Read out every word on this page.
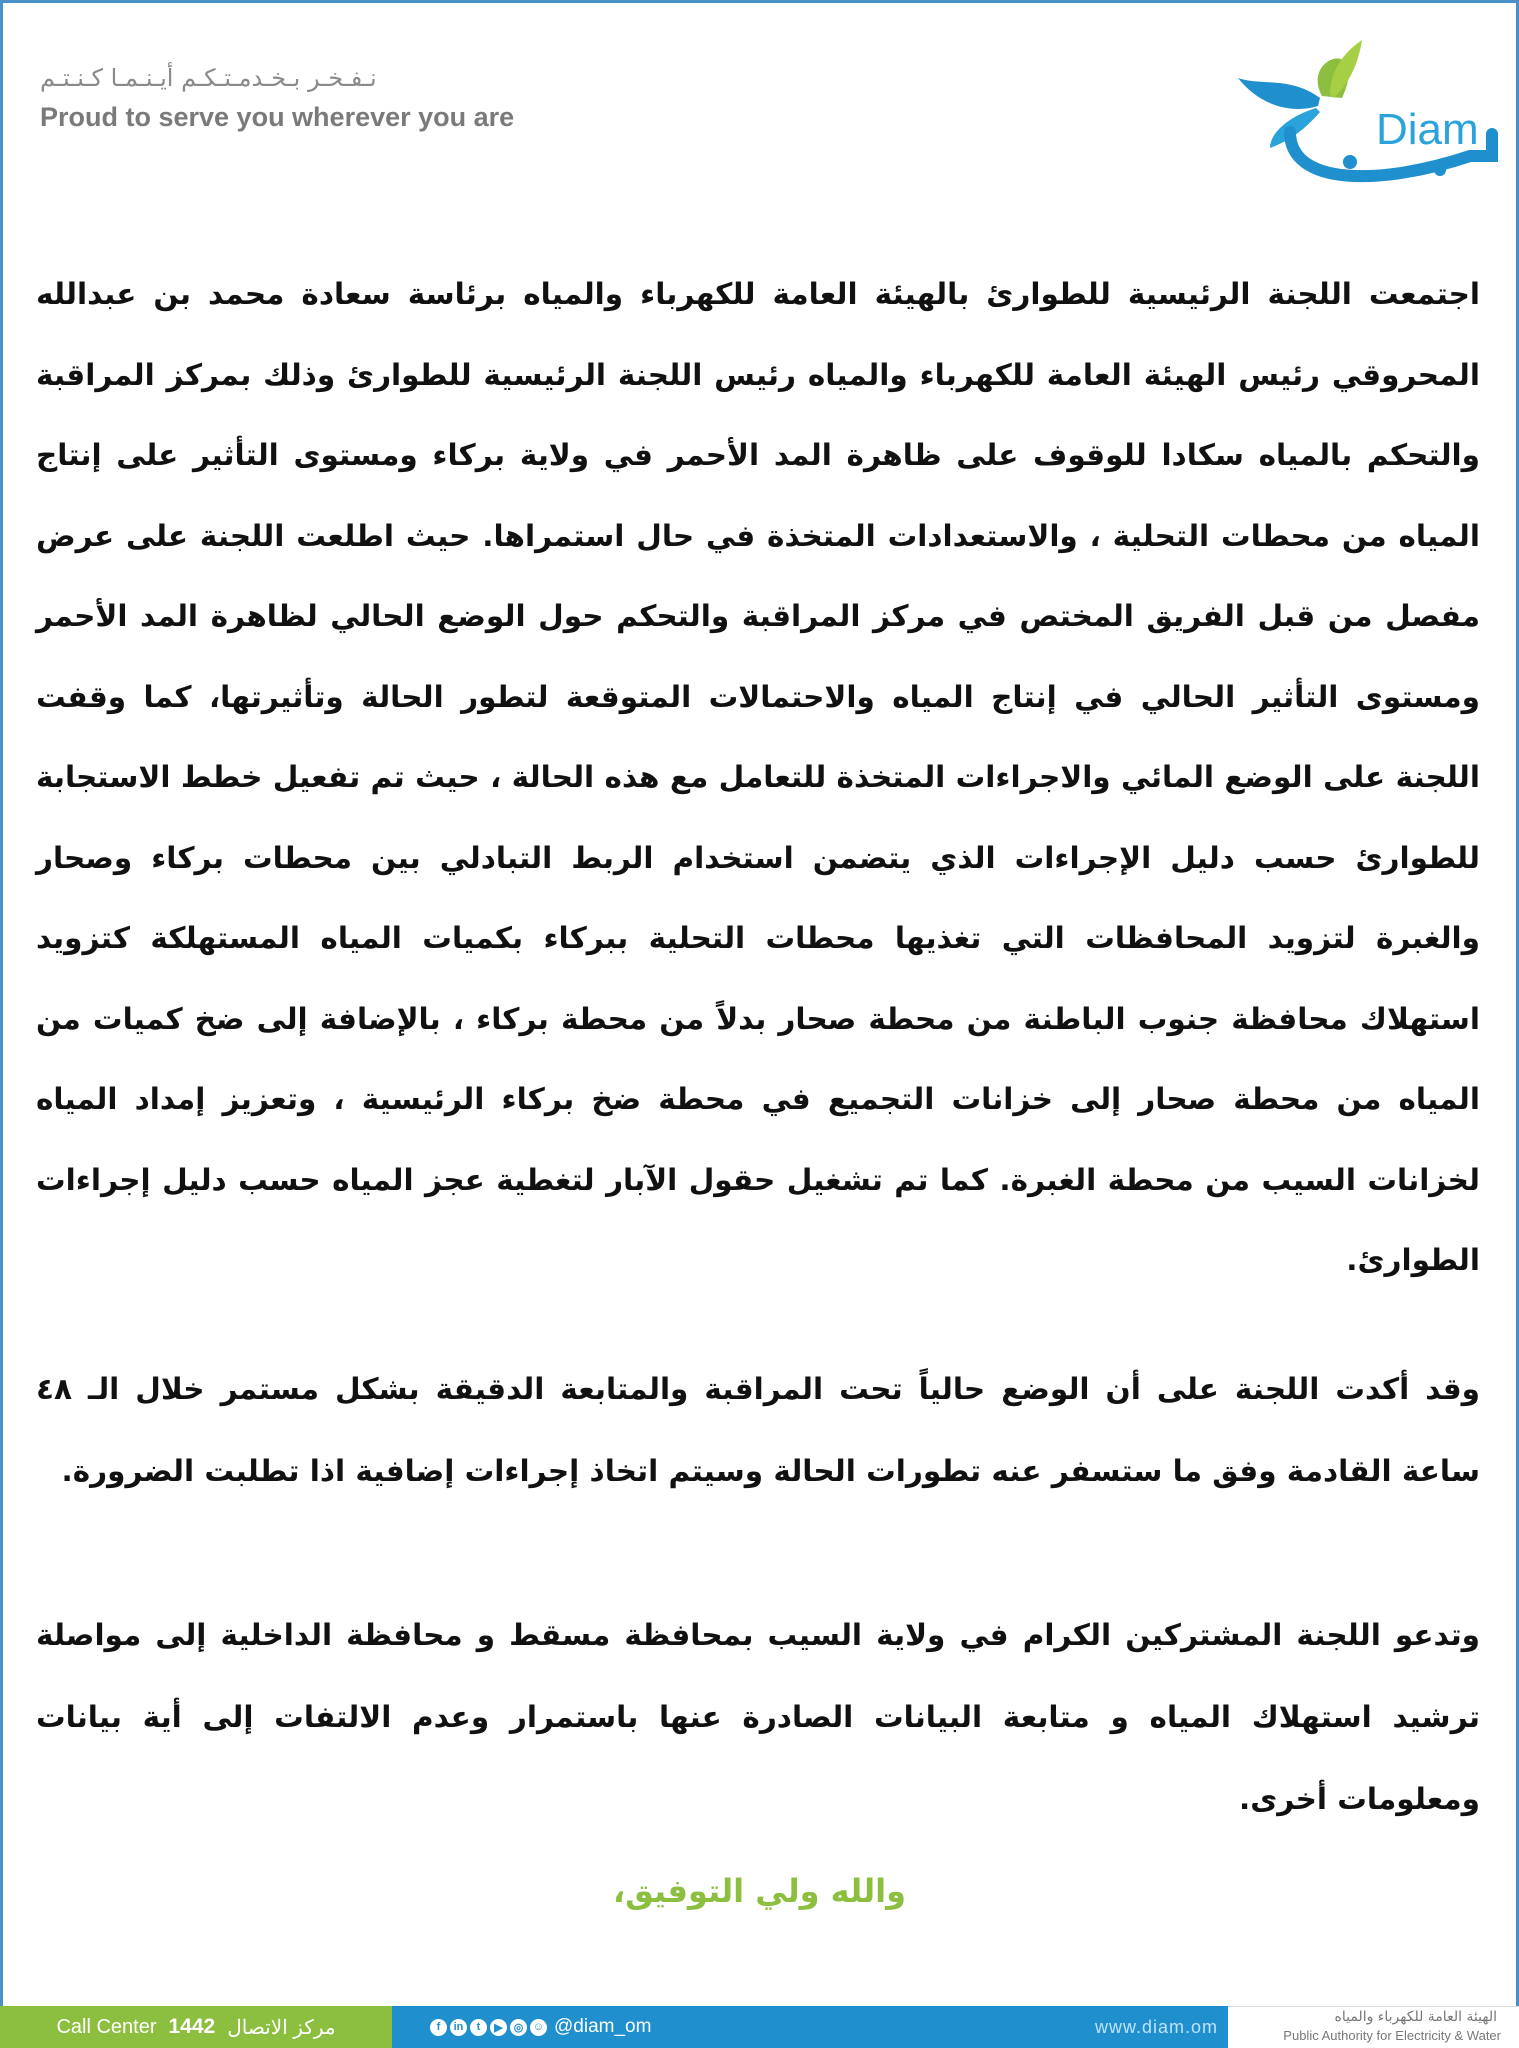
نـفـخـر بـخـدمـتـكـم أيـنـمـا كـنـتـم
Proud to serve you wherever you are	Diam
اجتمعت اللجنة الرئيسية للطوارئ بالهيئة العامة للكهرباء والمياه برئاسة سعادة محمد بن عبدالله المحروقي رئيس الهيئة العامة للكهرباء والمياه رئيس اللجنة الرئيسية للطوارئ وذلك بمركز المراقبة والتحكم بالمياه سكادا للوقوف على ظاهرة المد الأحمر في ولاية بركاء ومستوى التأثير على إنتاج المياه من محطات التحلية ، والاستعدادات المتخذة في حال استمراها. حيث اطلعت اللجنة على عرض مفصل من قبل الفريق المختص في مركز المراقبة والتحكم حول الوضع الحالي لظاهرة المد الأحمر ومستوى التأثير الحالي في إنتاج المياه والاحتمالات المتوقعة لتطور الحالة وتأثيرتها، كما وقفت اللجنة على الوضع المائي والاجراءات المتخذة للتعامل مع هذه الحالة ، حيث تم تفعيل خطط الاستجابة للطوارئ حسب دليل الإجراءات الذي يتضمن استخدام الربط التبادلي بين محطات بركاء وصحار والغبرة لتزويد المحافظات التي تغذيها محطات التحلية ببركاء بكميات المياه المستهلكة كتزويد استهلاك محافظة جنوب الباطنة من محطة صحار بدلاً من محطة بركاء ، بالإضافة إلى ضخ كميات من المياه من محطة صحار إلى خزانات التجميع في محطة ضخ بركاء الرئيسية ، وتعزيز إمداد المياه لخزانات السيب من محطة الغبرة. كما تم تشغيل حقول الآبار لتغطية عجز المياه حسب دليل إجراءات الطوارئ.
وقد أكدت اللجنة على أن الوضع حالياً تحت المراقبة والمتابعة الدقيقة بشكل مستمر خلال الـ ٤٨ ساعة القادمة وفق ما ستسفر عنه تطورات الحالة وسيتم اتخاذ إجراءات إضافية اذا تطلبت الضرورة.
وتدعو اللجنة المشتركين الكرام في ولاية السيب بمحافظة مسقط و محافظة الداخلية إلى مواصلة ترشيد استهلاك المياه و متابعة البيانات الصادرة عنها باستمرار وعدم الالتفات إلى أية بيانات ومعلومات أخرى.
والله ولي التوفيق،
Call Center 1442 مركز الاتصال	f	in	t	▶ ◎ ☺ @diam_om	www.diam.om	الهيئة العامة للكهرباء والمياه
Public Authority for Electricity & Water
